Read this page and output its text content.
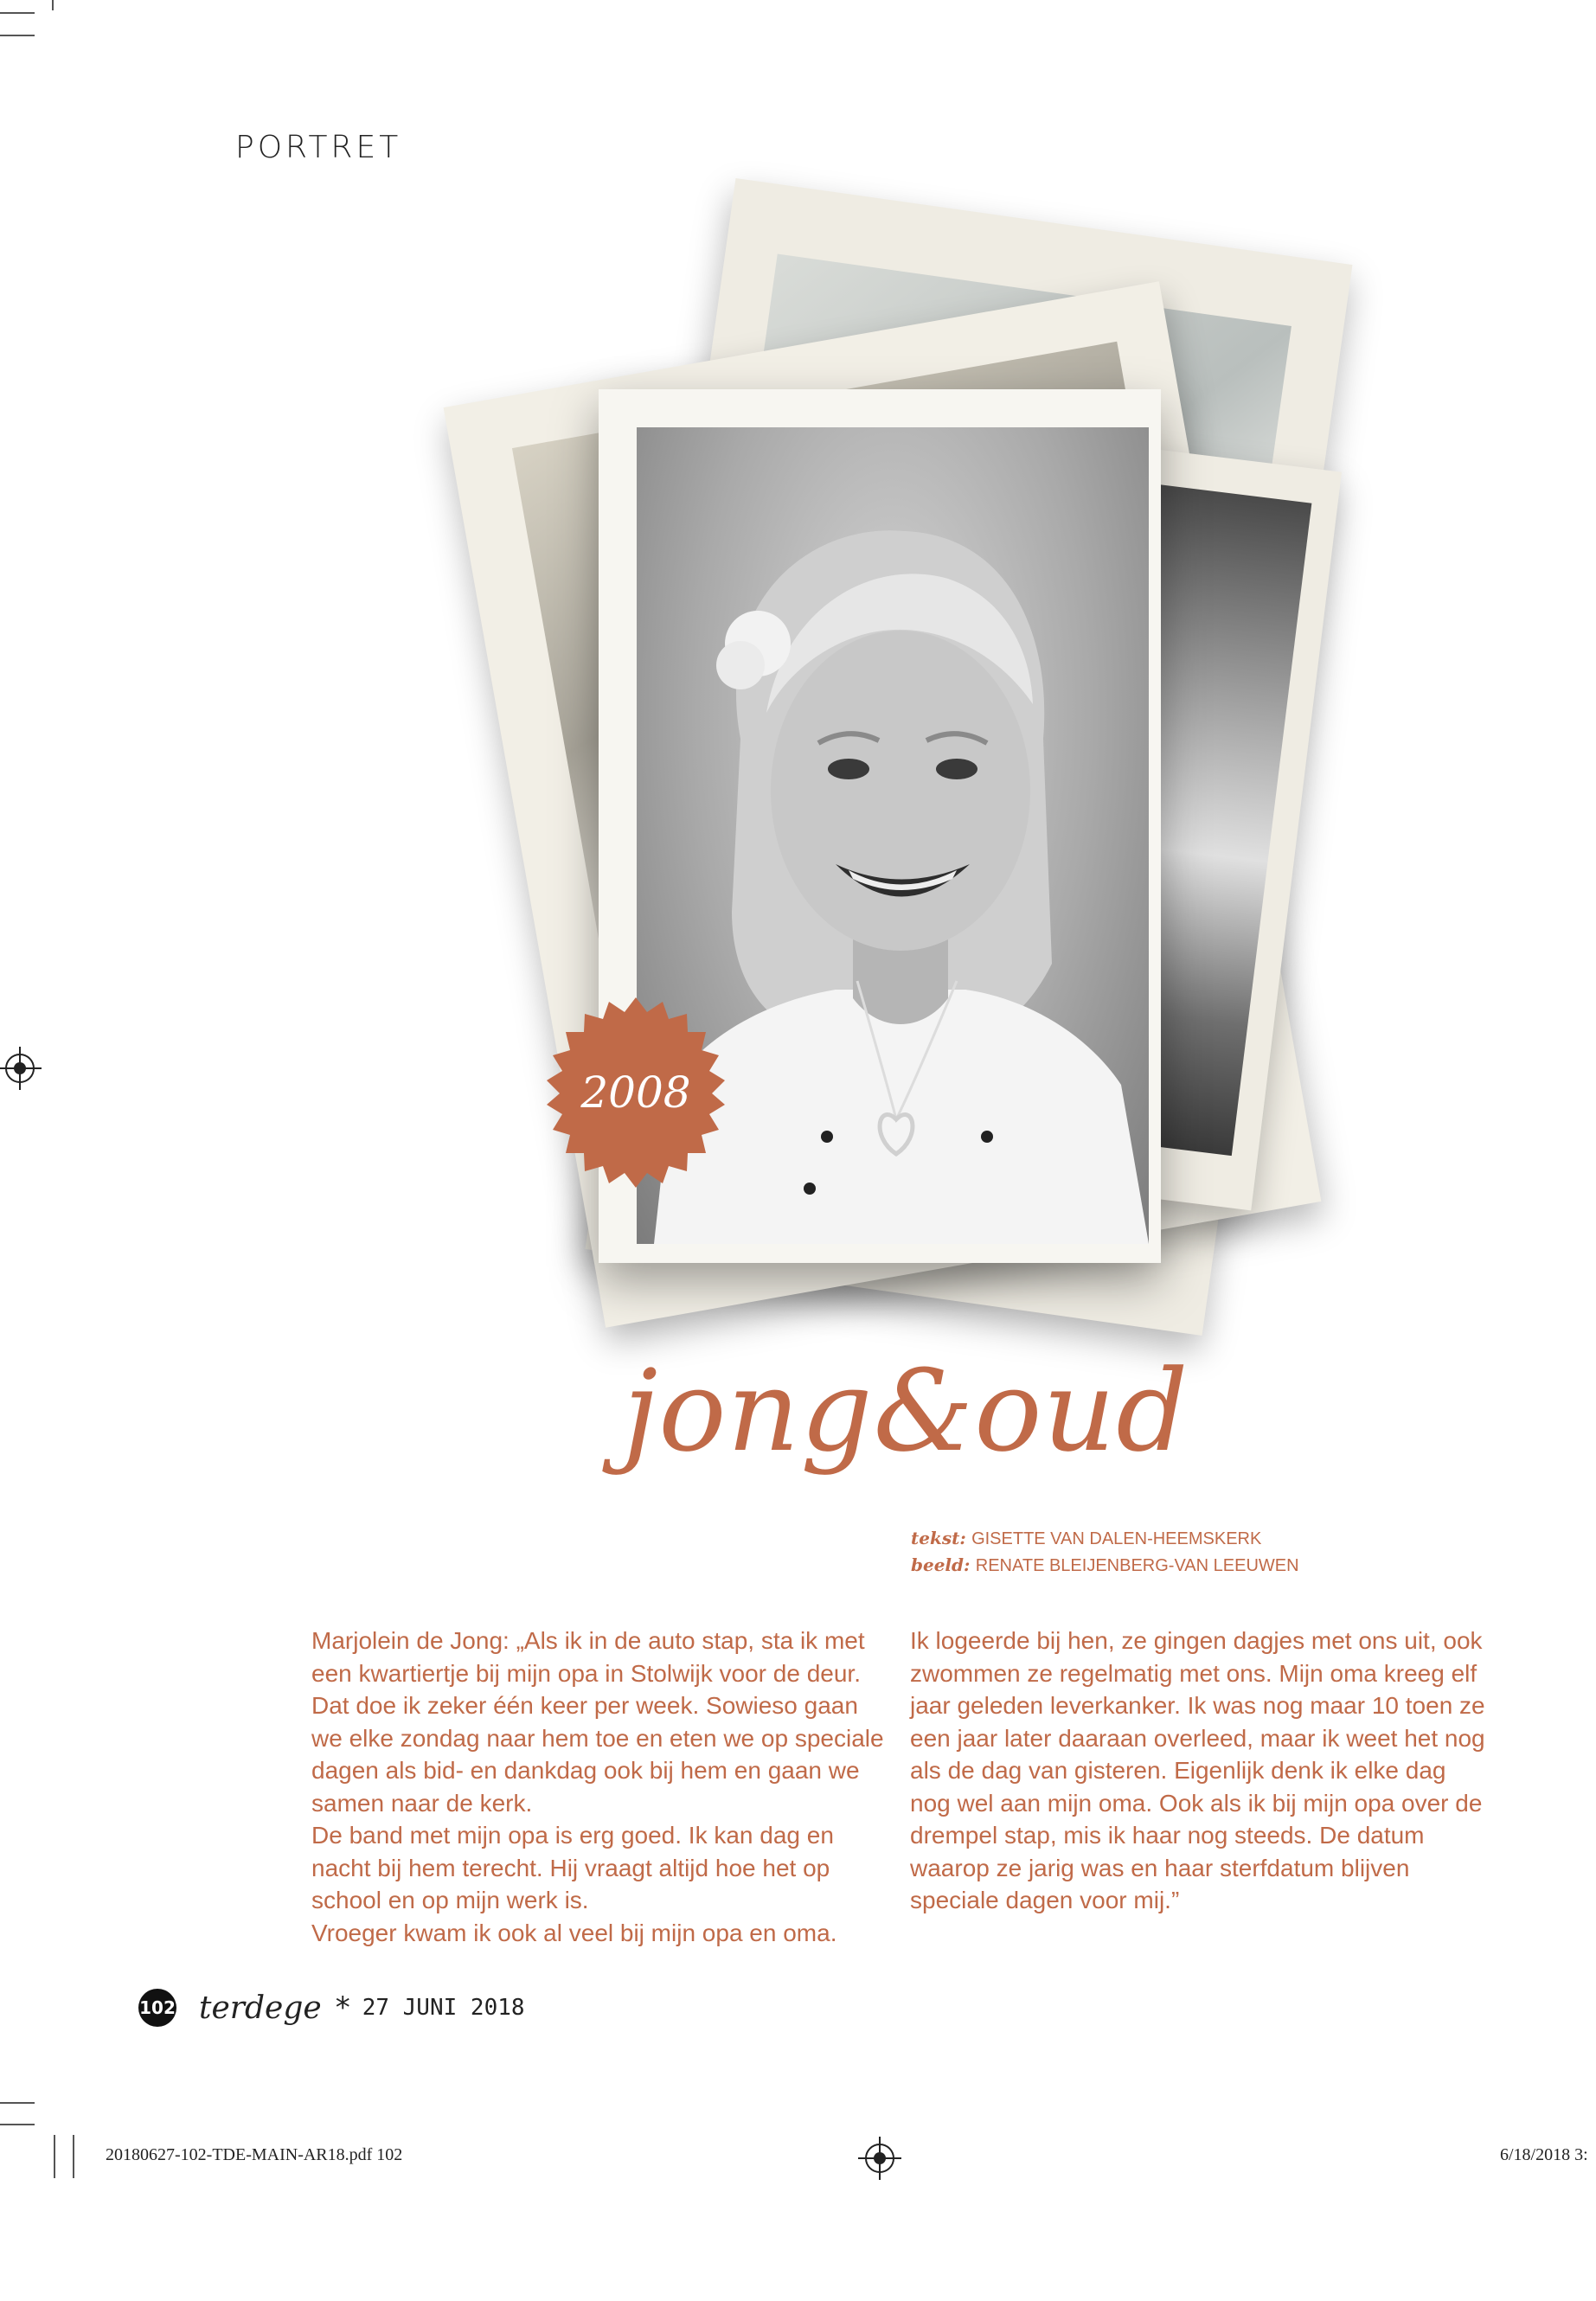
PORTRET
2008
jong&oud
tekst: GISETTE VAN DALEN-HEEMSKERK
beeld: RENATE BLEIJENBERG-VAN LEEUWEN

Marjolein de Jong: „Als ik in de auto stap, sta ik met een kwartiertje bij mijn opa in Stolwijk voor de deur. Dat doe ik zeker één keer per week. Sowieso gaan we elke zondag naar hem toe en eten we op speciale dagen als bid- en dankdag ook bij hem en gaan we samen naar de kerk.

De band met mijn opa is erg goed. Ik kan dag en nacht bij hem terecht. Hij vraagt altijd hoe het op school en op mijn werk is.

Vroeger kwam ik ook al veel bij mijn opa en oma.

Ik logeerde bij hen, ze gingen dagjes met ons uit, ook zwommen ze regelmatig met ons. Mijn oma kreeg elf jaar geleden leverkanker. Ik was nog maar 10 toen ze een jaar later daaraan overleed, maar ik weet het nog als de dag van gisteren. Eigenlijk denk ik elke dag nog wel aan mijn oma. Ook als ik bij mijn opa over de drempel stap, mis ik haar nog steeds. De datum waarop ze jarig was en haar sterfdatum blijven speciale dagen voor mij.”

102 terdege * 27 JUNI 2018
20180627-102-TDE-MAIN-AR18.pdf 102	6/18/2018 3:
